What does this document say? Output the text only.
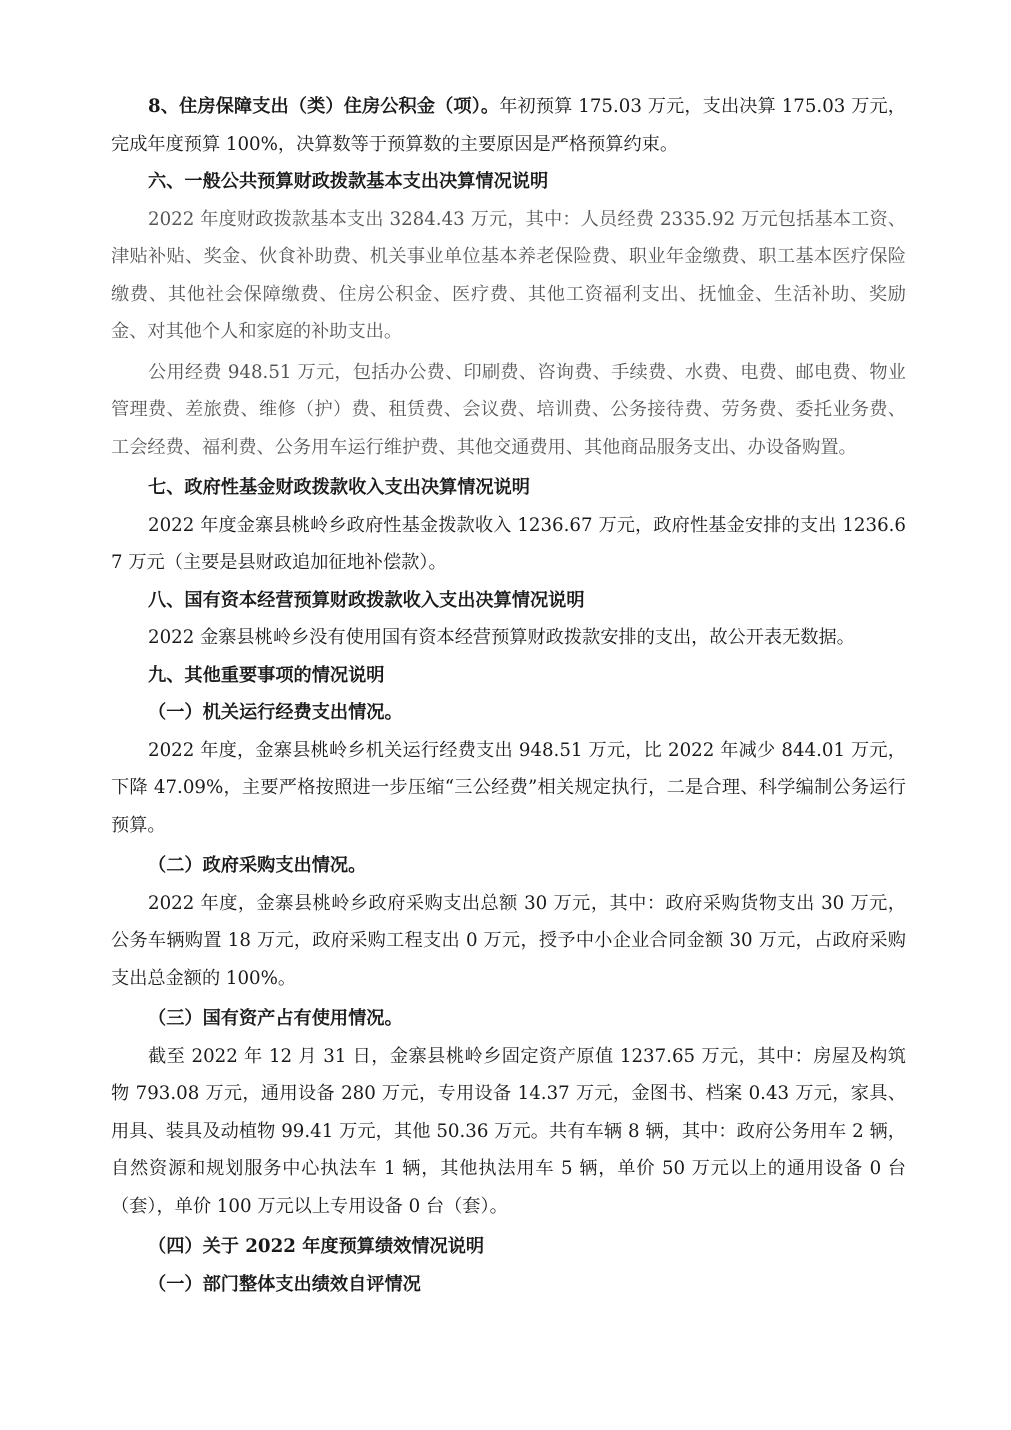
8、住房保障支出（类）住房公积金（项）。年初预算 175.03 万元，支出决算 175.03 万元，完成年度预算 100%，决算数等于预算数的主要原因是严格预算约束。

六、一般公共预算财政拨款基本支出决算情况说明

2022 年度财政拨款基本支出 3284.43 万元，其中：人员经费 2335.92 万元包括基本工资、津贴补贴、奖金、伙食补助费、机关事业单位基本养老保险费、职业年金缴费、职工基本医疗保险缴费、其他社会保障缴费、住房公积金、医疗费、其他工资福利支出、抚恤金、生活补助、奖励金、对其他个人和家庭的补助支出。

公用经费 948.51 万元，包括办公费、印刷费、咨询费、手续费、水费、电费、邮电费、物业管理费、差旅费、维修（护）费、租赁费、会议费、培训费、公务接待费、劳务费、委托业务费、工会经费、福利费、公务用车运行维护费、其他交通费用、其他商品服务支出、办设备购置。

七、政府性基金财政拨款收入支出决算情况说明

2022 年度金寨县桃岭乡政府性基金拨款收入 1236.67 万元，政府性基金安排的支出 1236.67 万元（主要是县财政追加征地补偿款）。

八、国有资本经营预算财政拨款收入支出决算情况说明

2022 金寨县桃岭乡没有使用国有资本经营预算财政拨款安排的支出，故公开表无数据。

九、其他重要事项的情况说明

（一）机关运行经费支出情况。

2022 年度，金寨县桃岭乡机关运行经费支出 948.51 万元，比 2022 年减少 844.01 万元，下降 47.09%，主要严格按照进一步压缩“三公经费”相关规定执行，二是合理、科学编制公务运行预算。

（二）政府采购支出情况。

2022 年度，金寨县桃岭乡政府采购支出总额 30 万元，其中：政府采购货物支出 30 万元，公务车辆购置 18 万元，政府采购工程支出 0 万元，授予中小企业合同金额 30 万元，占政府采购支出总金额的 100%。

（三）国有资产占有使用情况。

截至 2022 年 12 月 31 日，金寨县桃岭乡固定资产原值 1237.65 万元，其中：房屋及构筑物 793.08 万元，通用设备 280 万元，专用设备 14.37 万元，金图书、档案 0.43 万元，家具、用具、装具及动植物 99.41 万元，其他 50.36 万元。共有车辆 8 辆，其中：政府公务用车 2 辆，自然资源和规划服务中心执法车 1 辆，其他执法用车 5 辆，单价 50 万元以上的通用设备 0 台（套），单价 100 万元以上专用设备 0 台（套）。

（四）关于 2022 年度预算绩效情况说明

（一）部门整体支出绩效自评情况
